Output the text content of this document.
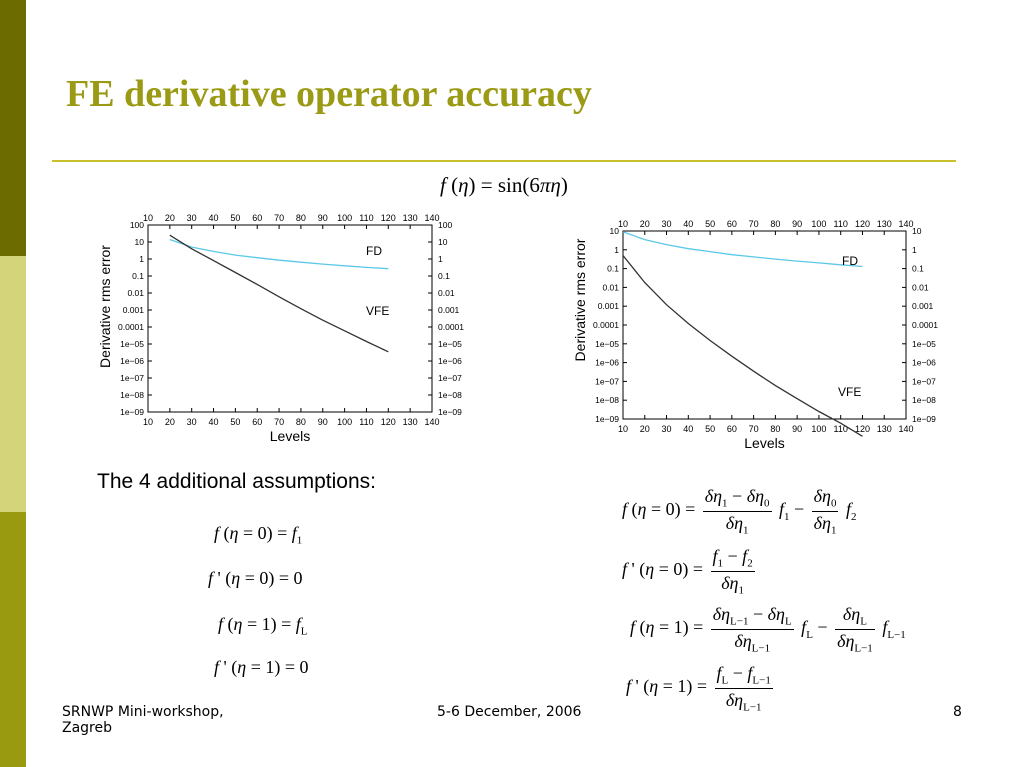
FE derivative operator accuracy
f (η) = sin(6πη)
10
10
20
20
30
30
40
40
50
50
60
60
70
70
80
80
90
90
100
100
110
110
120
120
130
130
140
140
100	100
10	10
1	1
0.1	0.1
0.01	0.01
0.001	0.001
0.0001	0.0001
1e−05	1e−05
1e−06	1e−06
1e−07	1e−07
1e−08	1e−08
1e−09	1e−09
Levels
Derivative rms error	FD
VFE
10
10
20
20
30
30
40
40
50
50
60
60
70
70
80
80
90
90
100
100
110
110
120
120
130
130
140
140
10	10
1	1
0.1	0.1
0.01	0.01
0.001	0.001
0.0001	0.0001
1e−05	1e−05
1e−06	1e−06
1e−07	1e−07
1e−08	1e−08
1e−09	1e−09
Levels
Derivative rms error	FD
VFE
The 4 additional assumptions:
f $(\eta = 0) = f_1$
f ' (η = 0) = 0
f $(\eta = 1) = f_L$
f ' (η = 1) = 0
f $(\eta = 0) = \frac{\delta\eta_1 - \delta\eta_0}{\delta\eta_1} f_1 - \frac{\delta\eta_0}{\delta\eta_1} f_2$
f ' $(\eta = 0) = \frac{f_1 - f_2}{\delta\eta_1}$
f $(\eta = 1) = \frac{\delta\eta_{L-1} - \delta\eta_L}{\delta\eta_{L-1}} f_L - \frac{\delta\eta_L}{\delta\eta_{L-1}} f_{L-1}$
f ' $(\eta = 1) = \frac{f_L - f_{L-1}}{\delta\eta_{L-1}}$
SRNWP Mini-workshop,
Zagreb
5-6 December, 2006	8
